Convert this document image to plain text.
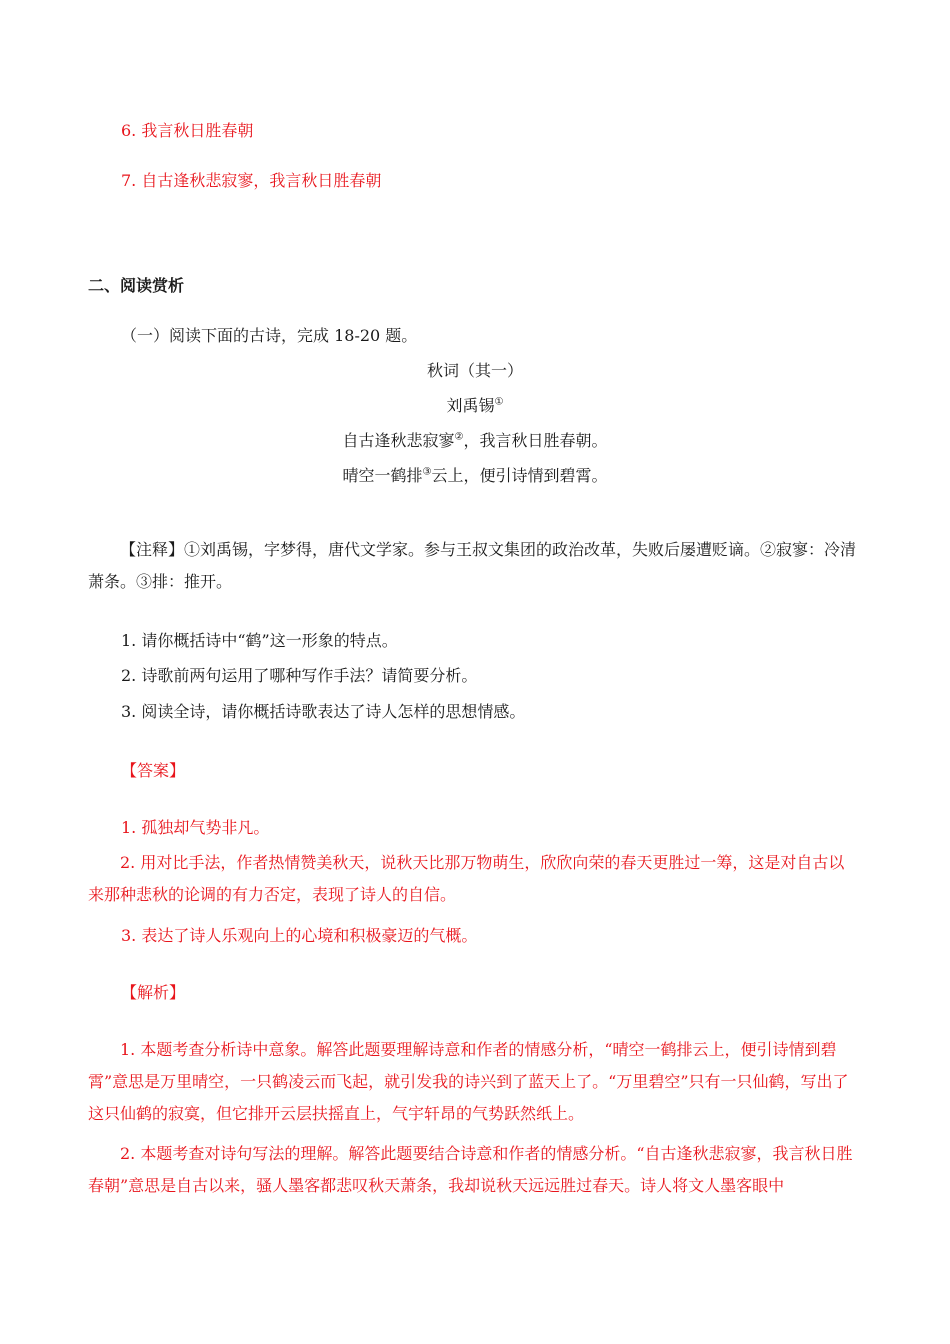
6. 我言秋日胜春朝
7. 自古逢秋悲寂寥，我言秋日胜春朝
二、阅读赏析
（一）阅读下面的古诗，完成 18-20 题。
秋词（其一）
刘禹锡①
自古逢秋悲寂寥②，我言秋日胜春朝。
晴空一鹤排③云上，便引诗情到碧霄。
【注释】①刘禹锡，字梦得，唐代文学家。参与王叔文集团的政治改革，失败后屡遭贬谪。②寂寥：冷清萧条。③排：推开。
1. 请你概括诗中“鹤”这一形象的特点。
2. 诗歌前两句运用了哪种写作手法？请简要分析。
3. 阅读全诗，请你概括诗歌表达了诗人怎样的思想情感。
【答案】
1. 孤独却气势非凡。
2. 用对比手法，作者热情赞美秋天，说秋天比那万物萌生，欣欣向荣的春天更胜过一筹，这是对自古以来那种悲秋的论调的有力否定，表现了诗人的自信。
3. 表达了诗人乐观向上的心境和积极豪迈的气概。
【解析】
1. 本题考查分析诗中意象。解答此题要理解诗意和作者的情感分析，“晴空一鹤排云上，便引诗情到碧霄”意思是万里晴空，一只鹤凌云而飞起，就引发我的诗兴到了蓝天上了。“万里碧空”只有一只仙鹤，写出了这只仙鹤的寂寞，但它排开云层扶摇直上，气宇轩昂的气势跃然纸上。
2. 本题考查对诗句写法的理解。解答此题要结合诗意和作者的情感分析。“自古逢秋悲寂寥，我言秋日胜春朝”意思是自古以来，骚人墨客都悲叹秋天萧条，我却说秋天远远胜过春天。诗人将文人墨客眼中
